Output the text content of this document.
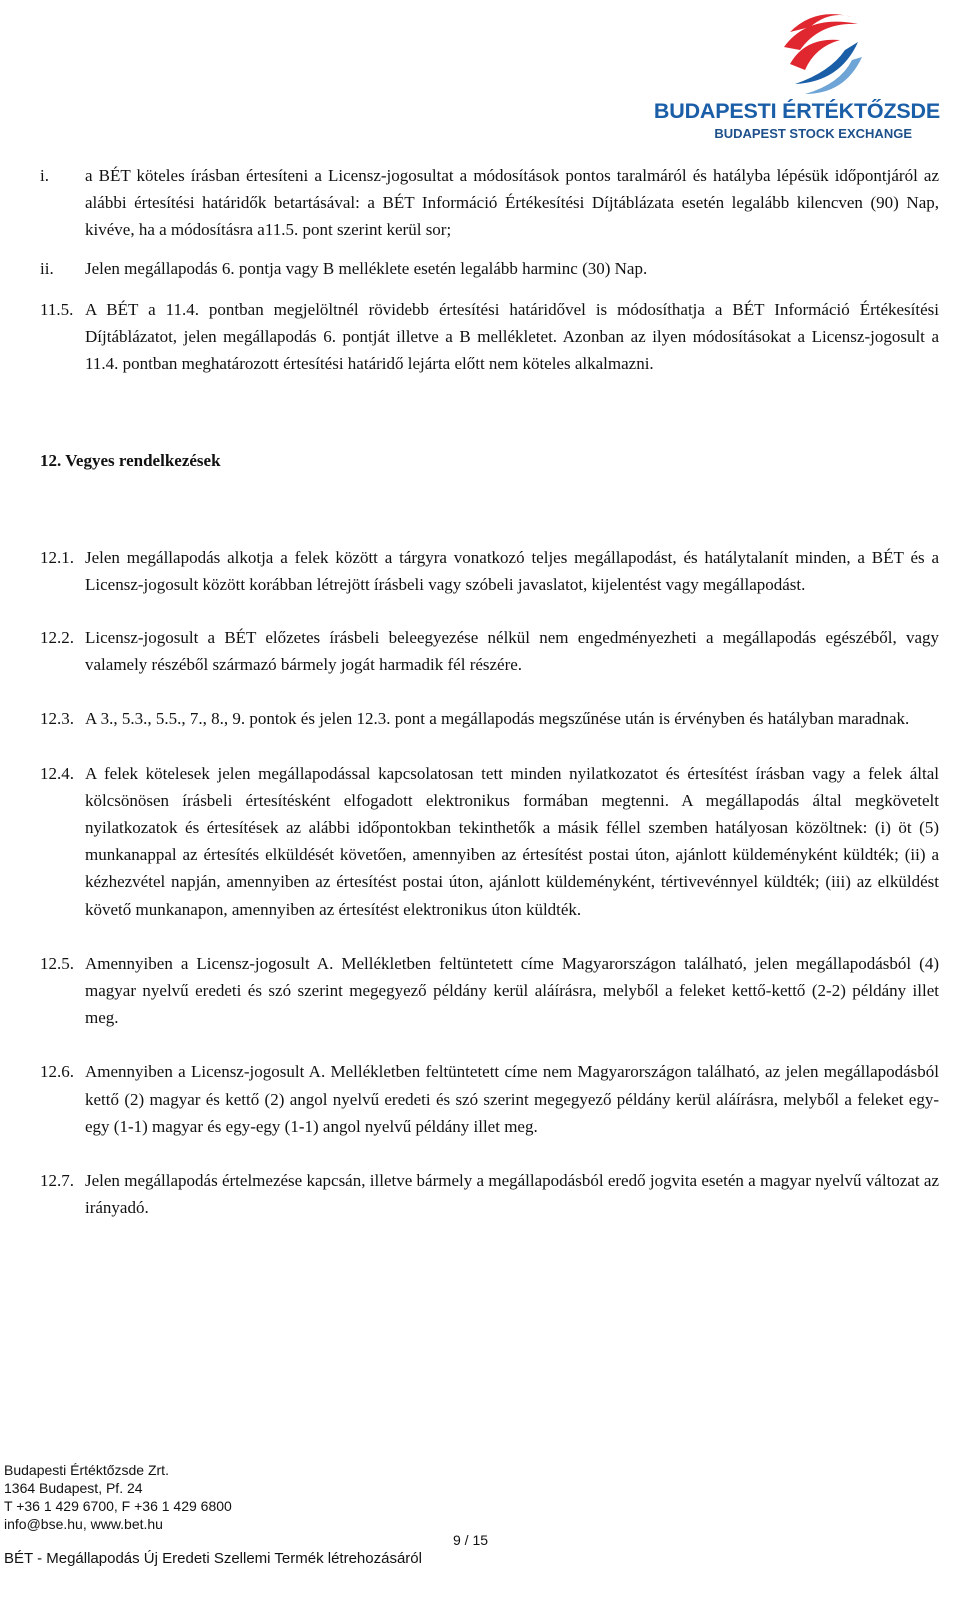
BUDAPESTI ÉRTÉKTŐZSDE
BUDAPEST STOCK EXCHANGE
i. a BÉT köteles írásban értesíteni a Licensz-jogosultat a módosítások pontos taralmáról és hatályba lépésük időpontjáról az alábbi értesítési határidők betartásával: a BÉT Információ Értékesítési Díjtáblázata esetén legalább kilencven (90) Nap, kivéve, ha a módosításra a11.5. pont szerint kerül sor;

ii. Jelen megállapodás 6. pontja vagy B melléklete esetén legalább harminc (30) Nap.

11.5. A BÉT a 11.4. pontban megjelöltnél rövidebb értesítési határidővel is módosíthatja a BÉT Információ Értékesítési Díjtáblázatot, jelen megállapodás 6. pontját illetve a B mellékletet. Azonban az ilyen módosításokat a Licensz-jogosult a 11.4. pontban meghatározott értesítési határidő lejárta előtt nem köteles alkalmazni.

12. Vegyes rendelkezések

12.1. Jelen megállapodás alkotja a felek között a tárgyra vonatkozó teljes megállapodást, és hatálytalanít minden, a BÉT és a Licensz-jogosult között korábban létrejött írásbeli vagy szóbeli javaslatot, kijelentést vagy megállapodást.

12.2. Licensz-jogosult a BÉT előzetes írásbeli beleegyezése nélkül nem engedményezheti a megállapodás egészéből, vagy valamely részéből származó bármely jogát harmadik fél részére.

12.3. A 3., 5.3., 5.5., 7., 8., 9. pontok és jelen 12.3. pont a megállapodás megszűnése után is érvényben és hatályban maradnak.

12.4. A felek kötelesek jelen megállapodással kapcsolatosan tett minden nyilatkozatot és értesítést írásban vagy a felek által kölcsönösen írásbeli értesítésként elfogadott elektronikus formában megtenni. A megállapodás által megkövetelt nyilatkozatok és értesítések az alábbi időpontokban tekinthetők a másik féllel szemben hatályosan közöltnek: (i) öt (5) munkanappal az értesítés elküldését követően, amennyiben az értesítést postai úton, ajánlott küldeményként küldték; (ii) a kézhezvétel napján, amennyiben az értesítést postai úton, ajánlott küldeményként, tértivevénnyel küldték; (iii) az elküldést követő munkanapon, amennyiben az értesítést elektronikus úton küldték.

12.5. Amennyiben a Licensz-jogosult A. Mellékletben feltüntetett címe Magyarországon található, jelen megállapodásból (4) magyar nyelvű eredeti és szó szerint megegyező példány kerül aláírásra, melyből a feleket kettő-kettő (2-2) példány illet meg.

12.6. Amennyiben a Licensz-jogosult A. Mellékletben feltüntetett címe nem Magyarországon található, az jelen megállapodásból kettő (2) magyar és kettő (2) angol nyelvű eredeti és szó szerint megegyező példány kerül aláírásra, melyből a feleket egy-egy (1-1) magyar és egy-egy (1-1) angol nyelvű példány illet meg.

12.7. Jelen megállapodás értelmezése kapcsán, illetve bármely a megállapodásból eredő jogvita esetén a magyar nyelvű változat az irányadó.

Budapesti Értéktőzsde Zrt.
1364 Budapest, Pf. 24
T +36 1 429 6700, F +36 1 429 6800
info@bse.hu, www.bet.hu
9 / 15
BÉT - Megállapodás Új Eredeti Szellemi Termék létrehozásáról
